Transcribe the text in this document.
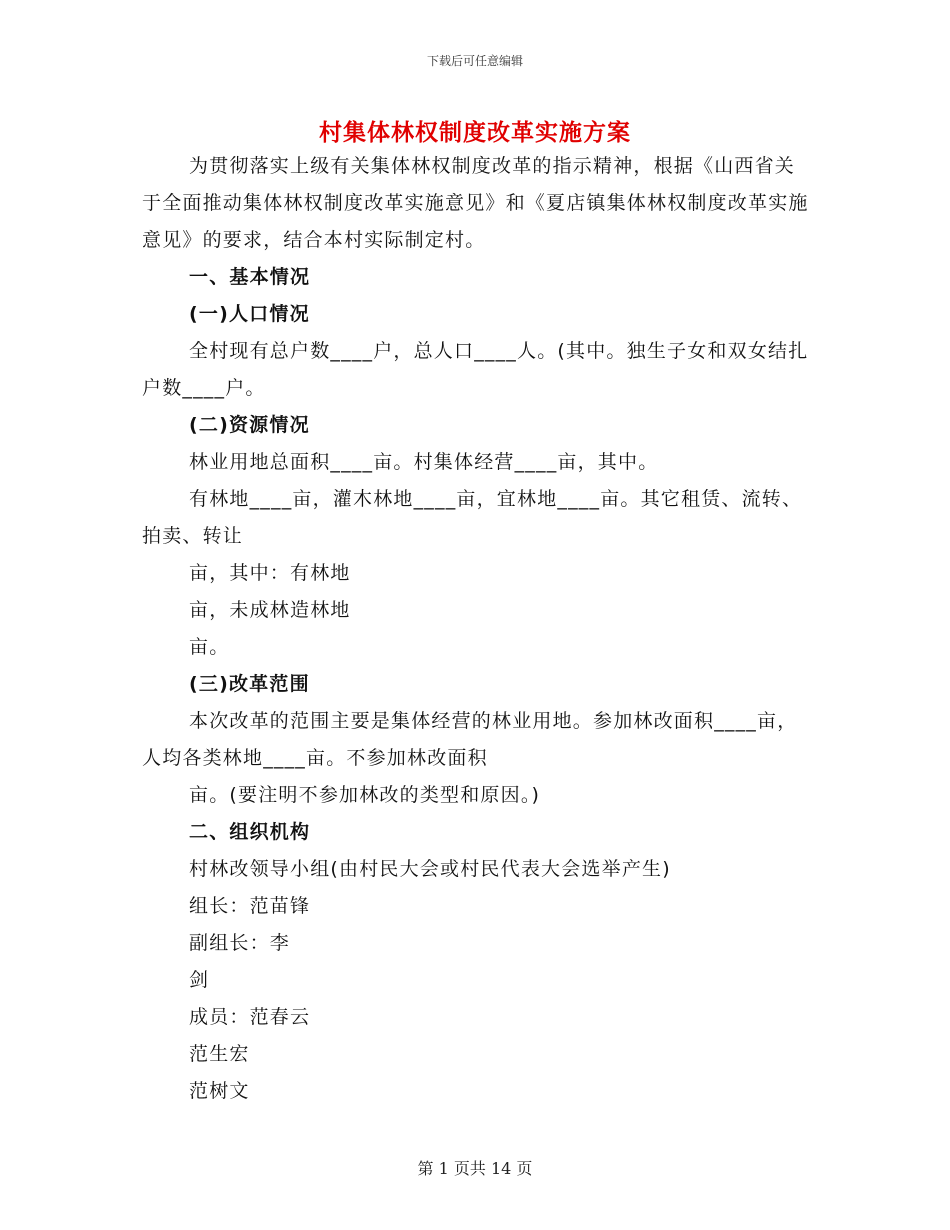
下载后可任意编辑
村集体林权制度改革实施方案

为贯彻落实上级有关集体林权制度改革的指示精神，根据《山西省关于全面推动集体林权制度改革实施意见》和《夏店镇集体林权制度改革实施意见》的要求，结合本村实际制定村。

一、基本情况

(一)人口情况

全村现有总户数____户，总人口____人。(其中。独生子女和双女结扎户数____户。

(二)资源情况

林业用地总面积____亩。村集体经营____亩，其中。

有林地____亩，灌木林地____亩，宜林地____亩。其它租赁、流转、拍卖、转让

亩，其中：有林地

亩，未成林造林地

亩。

(三)改革范围

本次改革的范围主要是集体经营的林业用地。参加林改面积____亩，人均各类林地____亩。不参加林改面积

亩。(要注明不参加林改的类型和原因。)

二、组织机构

村林改领导小组(由村民大会或村民代表大会选举产生)

组长：范苗锋

副组长：李

剑

成员：范春云

范生宏

范树文

第 1 页共 14 页
